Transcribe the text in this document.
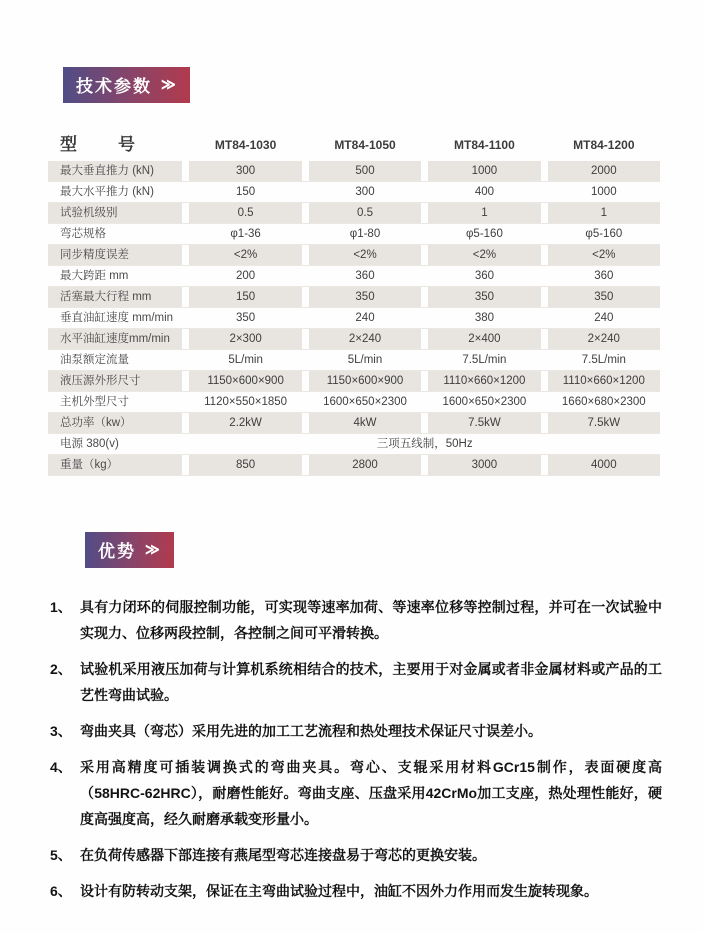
技术参数 ≫
型　号	MT84-1030	MT84-1050	MT84-1100	MT84-1200
最大垂直推力 (kN)	300	500	1000	2000
最大水平推力 (kN)	150	300	400	1000
试验机级别	0.5	0.5	1	1
弯芯规格	φ1-36	φ1-80	φ5-160	φ5-160
同步精度误差	<2%	<2%	<2%	<2%
最大跨距 mm	200	360	360	360
活塞最大行程 mm	150	350	350	350
垂直油缸速度 mm/min	350	240	380	240
水平油缸速度mm/min	2×300	2×240	2×400	2×240
油泵额定流量	5L/min	5L/min	7.5L/min	7.5L/min
液压源外形尺寸	1150×600×900	1150×600×900	1110×660×1200	1110×660×1200
主机外型尺寸	1120×550×1850	1600×650×2300	1600×650×2300	1660×680×2300
总功率（kw）	2.2kW	4kW	7.5kW	7.5kW
电源 380(v)	三项五线制，50Hz
重量（kg）	850	2800	3000	4000
优势 ≫
1、 具有力闭环的伺服控制功能，可实现等速率加荷、等速率位移等控制过程，并可在一次试验中实现力、位移两段控制，各控制之间可平滑转换。
2、 试验机采用液压加荷与计算机系统相结合的技术，主要用于对金属或者非金属材料或产品的工艺性弯曲试验。
3、 弯曲夹具（弯芯）采用先进的加工工艺流程和热处理技术保证尺寸误差小。
4、 采用高精度可插装调换式的弯曲夹具。弯心、支辊采用材料GCr15制作，表面硬度高 （58HRC-62HRC），耐磨性能好。弯曲支座、压盘采用42CrMo加工支座，热处理性能好，硬度高强度高，经久耐磨承载变形量小。
5、 在负荷传感器下部连接有燕尾型弯芯连接盘易于弯芯的更换安装。
6、 设计有防转动支架，保证在主弯曲试验过程中，油缸不因外力作用而发生旋转现象。
